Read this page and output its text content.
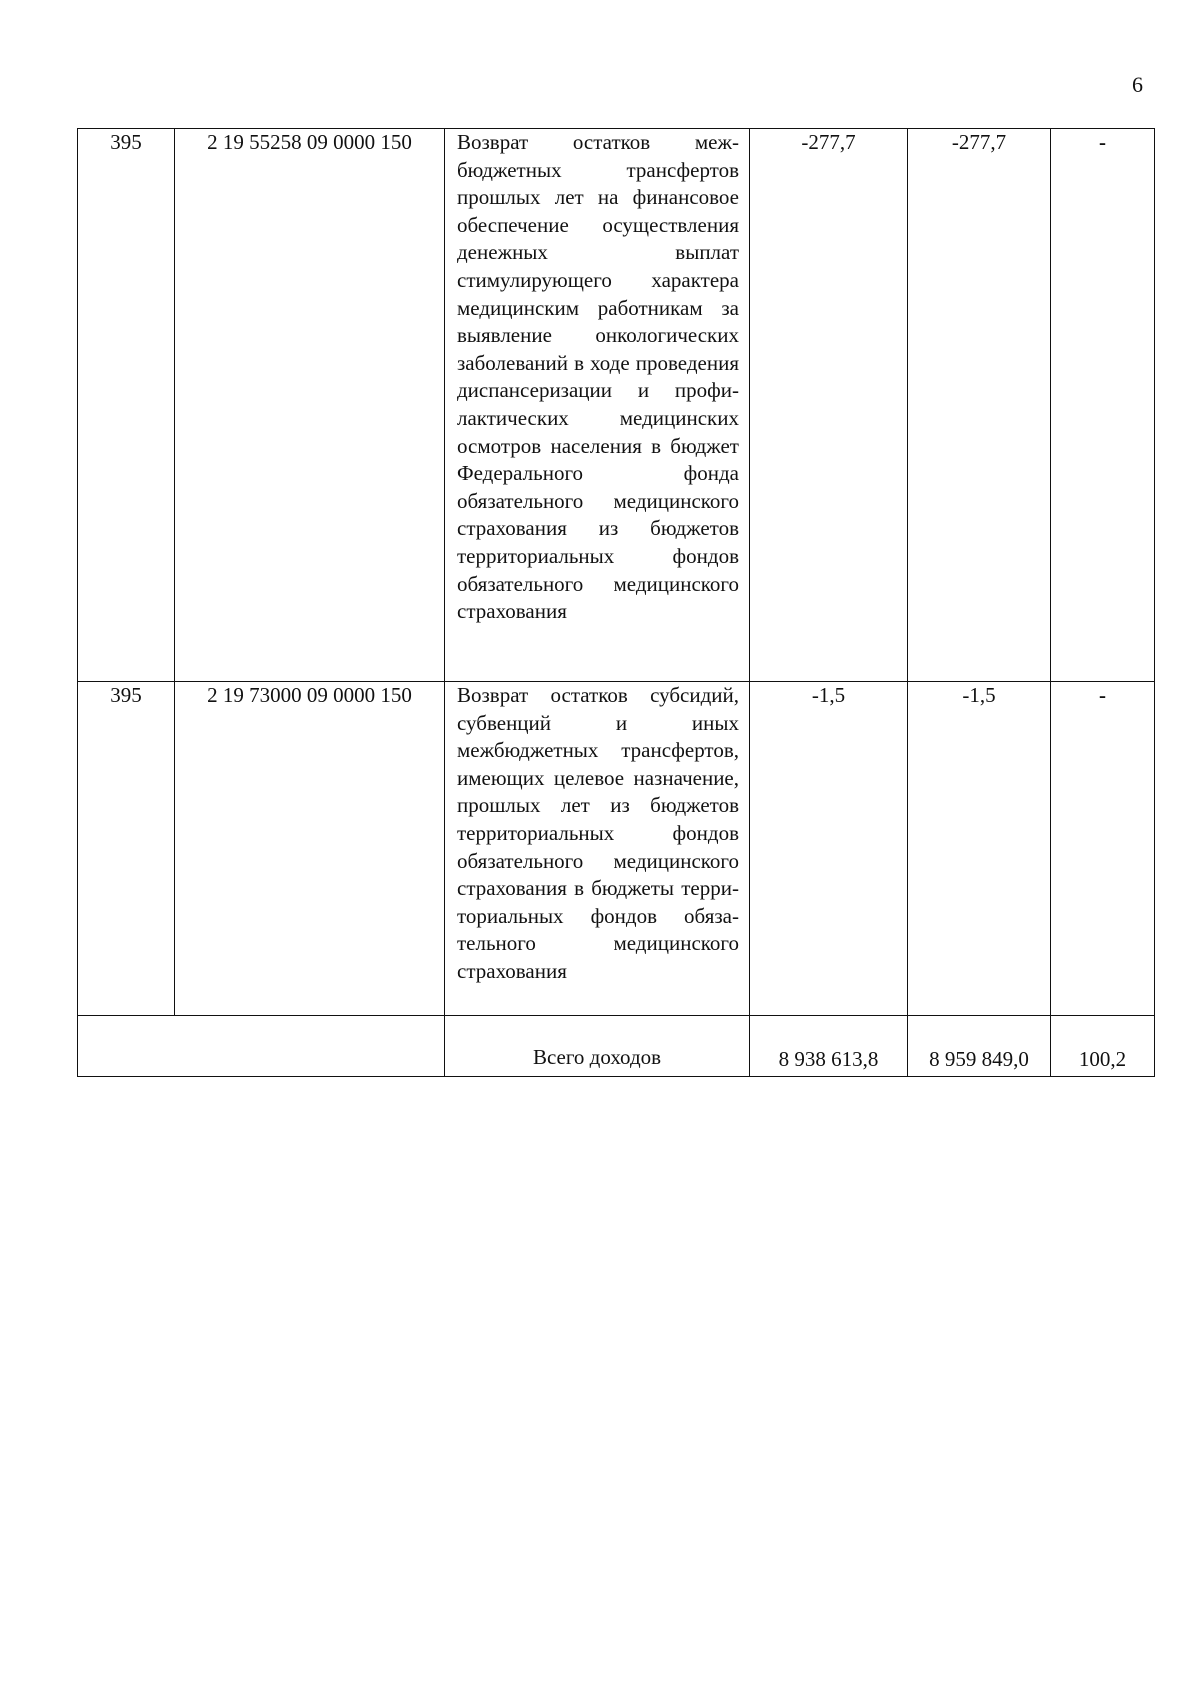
6
395	2 19 55258 09 0000 150	Возврат остатков межбюджетных трансфертов прошлых лет на финансовое обеспечение осуществления денежных выплат стимулирующего характера медицинским работникам за выявление онкологических заболеваний в ходе проведения диспансеризации и профилактических медицинских осмотров населения в бюджет Федерального фонда обязательного медицинского страхования из бюджетов территориальных фондов обязательного медицинского страхования	-277,7	-277,7	-
395	2 19 73000 09 0000 150	Возврат остатков субсидий, субвенций и иных межбюджетных трансфертов, имеющих целевое назначение, прошлых лет из бюджетов территориальных фондов обязательного медицинского страхования в бюджеты территориальных фондов обязательного медицинского страхования	-1,5	-1,5	-
		Всего доходов	8 938 613,8	8 959 849,0	100,2
